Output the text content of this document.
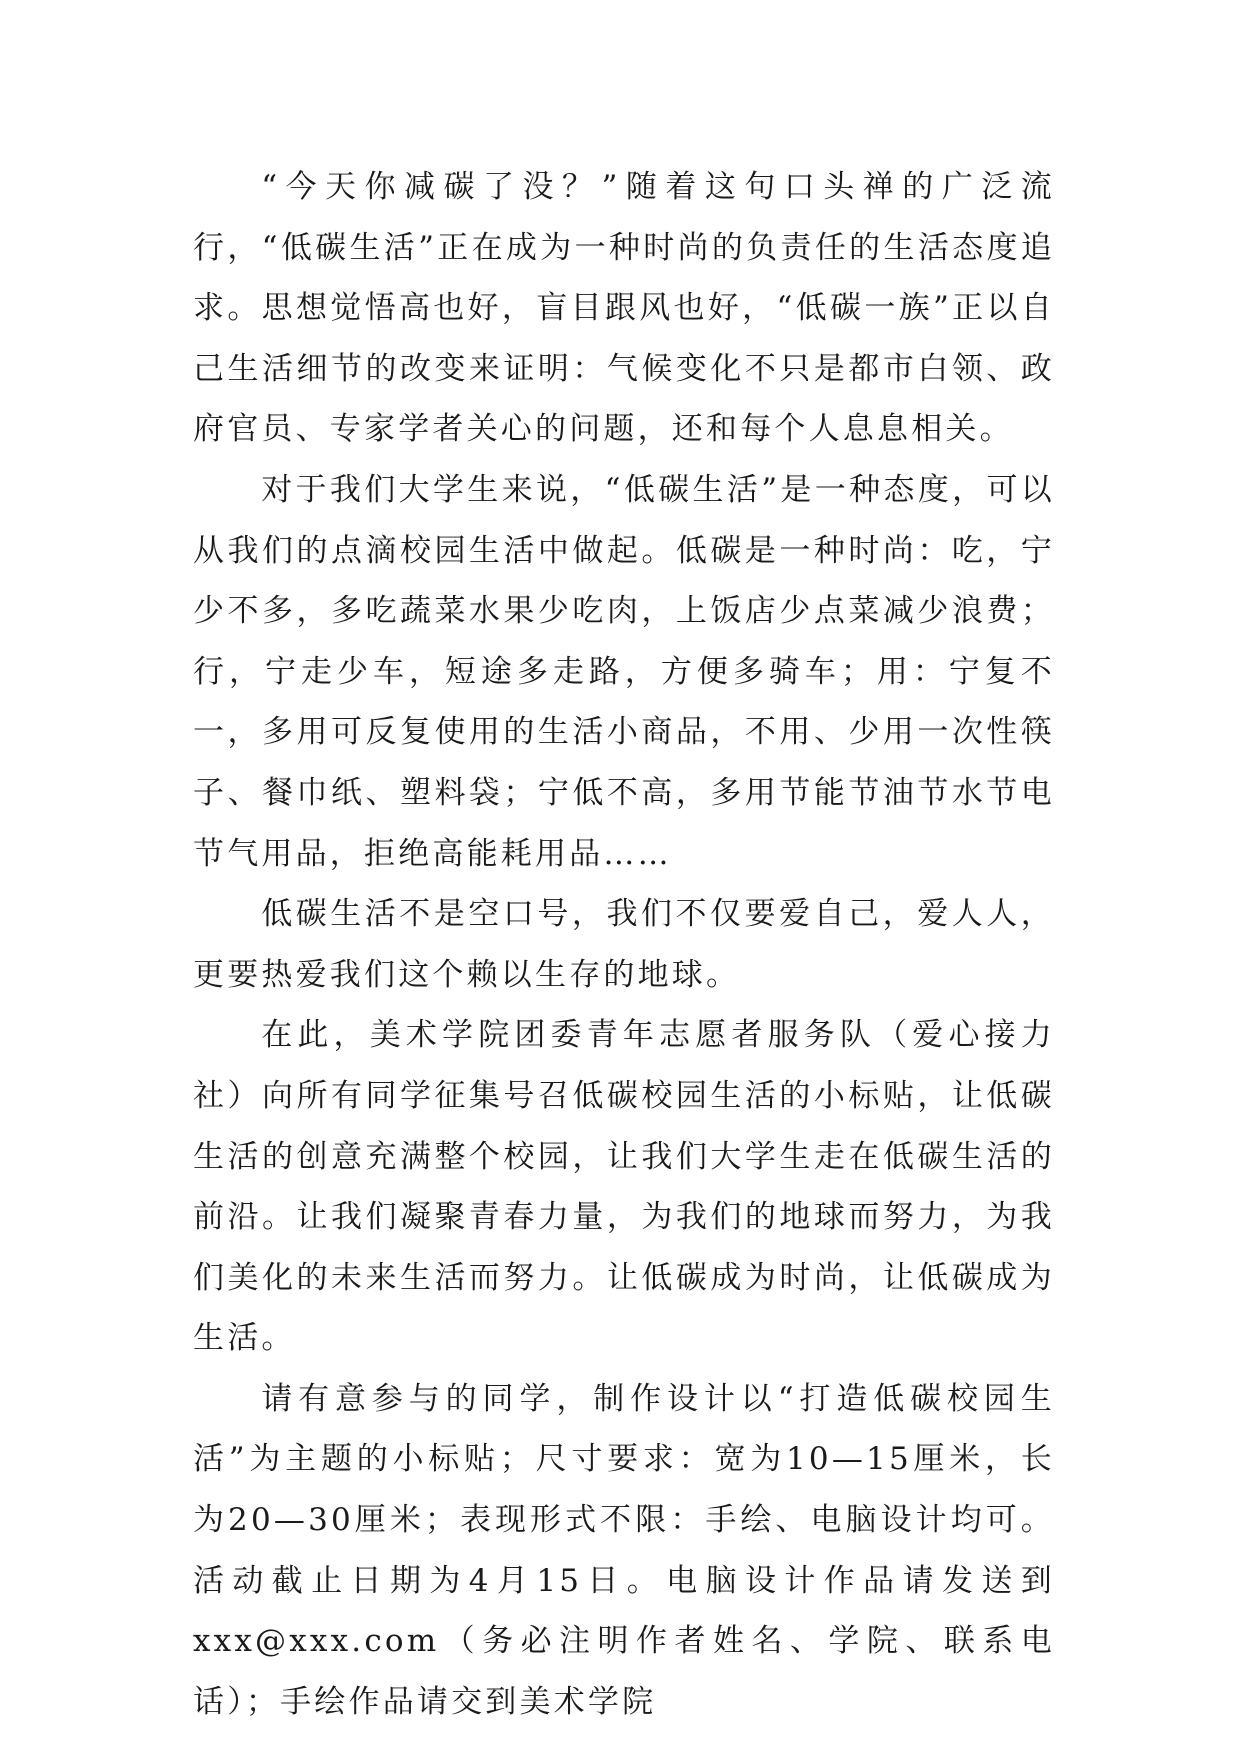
“今天你减碳了没？”随着这句口头禅的广泛流行，“低碳生活”正在成为一种时尚的负责任的生活态度追求。思想觉悟高也好，盲目跟风也好，“低碳一族”正以自己生活细节的改变来证明：气候变化不只是都市白领、政府官员、专家学者关心的问题，还和每个人息息相关。

对于我们大学生来说，“低碳生活”是一种态度，可以从我们的点滴校园生活中做起。低碳是一种时尚：吃，宁少不多，多吃蔬菜水果少吃肉，上饭店少点菜减少浪费；行，宁走少车，短途多走路，方便多骑车；用：宁复不一，多用可反复使用的生活小商品，不用、少用一次性筷子、餐巾纸、塑料袋；宁低不高，多用节能节油节水节电节气用品，拒绝高能耗用品……

低碳生活不是空口号，我们不仅要爱自己，爱人人，更要热爱我们这个赖以生存的地球。

在此，美术学院团委青年志愿者服务队（爱心接力社）向所有同学征集号召低碳校园生活的小标贴，让低碳生活的创意充满整个校园，让我们大学生走在低碳生活的前沿。让我们凝聚青春力量，为我们的地球而努力，为我们美化的未来生活而努力。让低碳成为时尚，让低碳成为生活。

请有意参与的同学，制作设计以“打造低碳校园生活”为主题的小标贴；尺寸要求：宽为10—15厘米，长为20—30厘米；表现形式不限：手绘、电脑设计均可。活动截止日期为4月15日。电脑设计作品请发送到xxx@xxx.com（务必注明作者姓名、学院、联系电话）；手绘作品请交到美术学院
